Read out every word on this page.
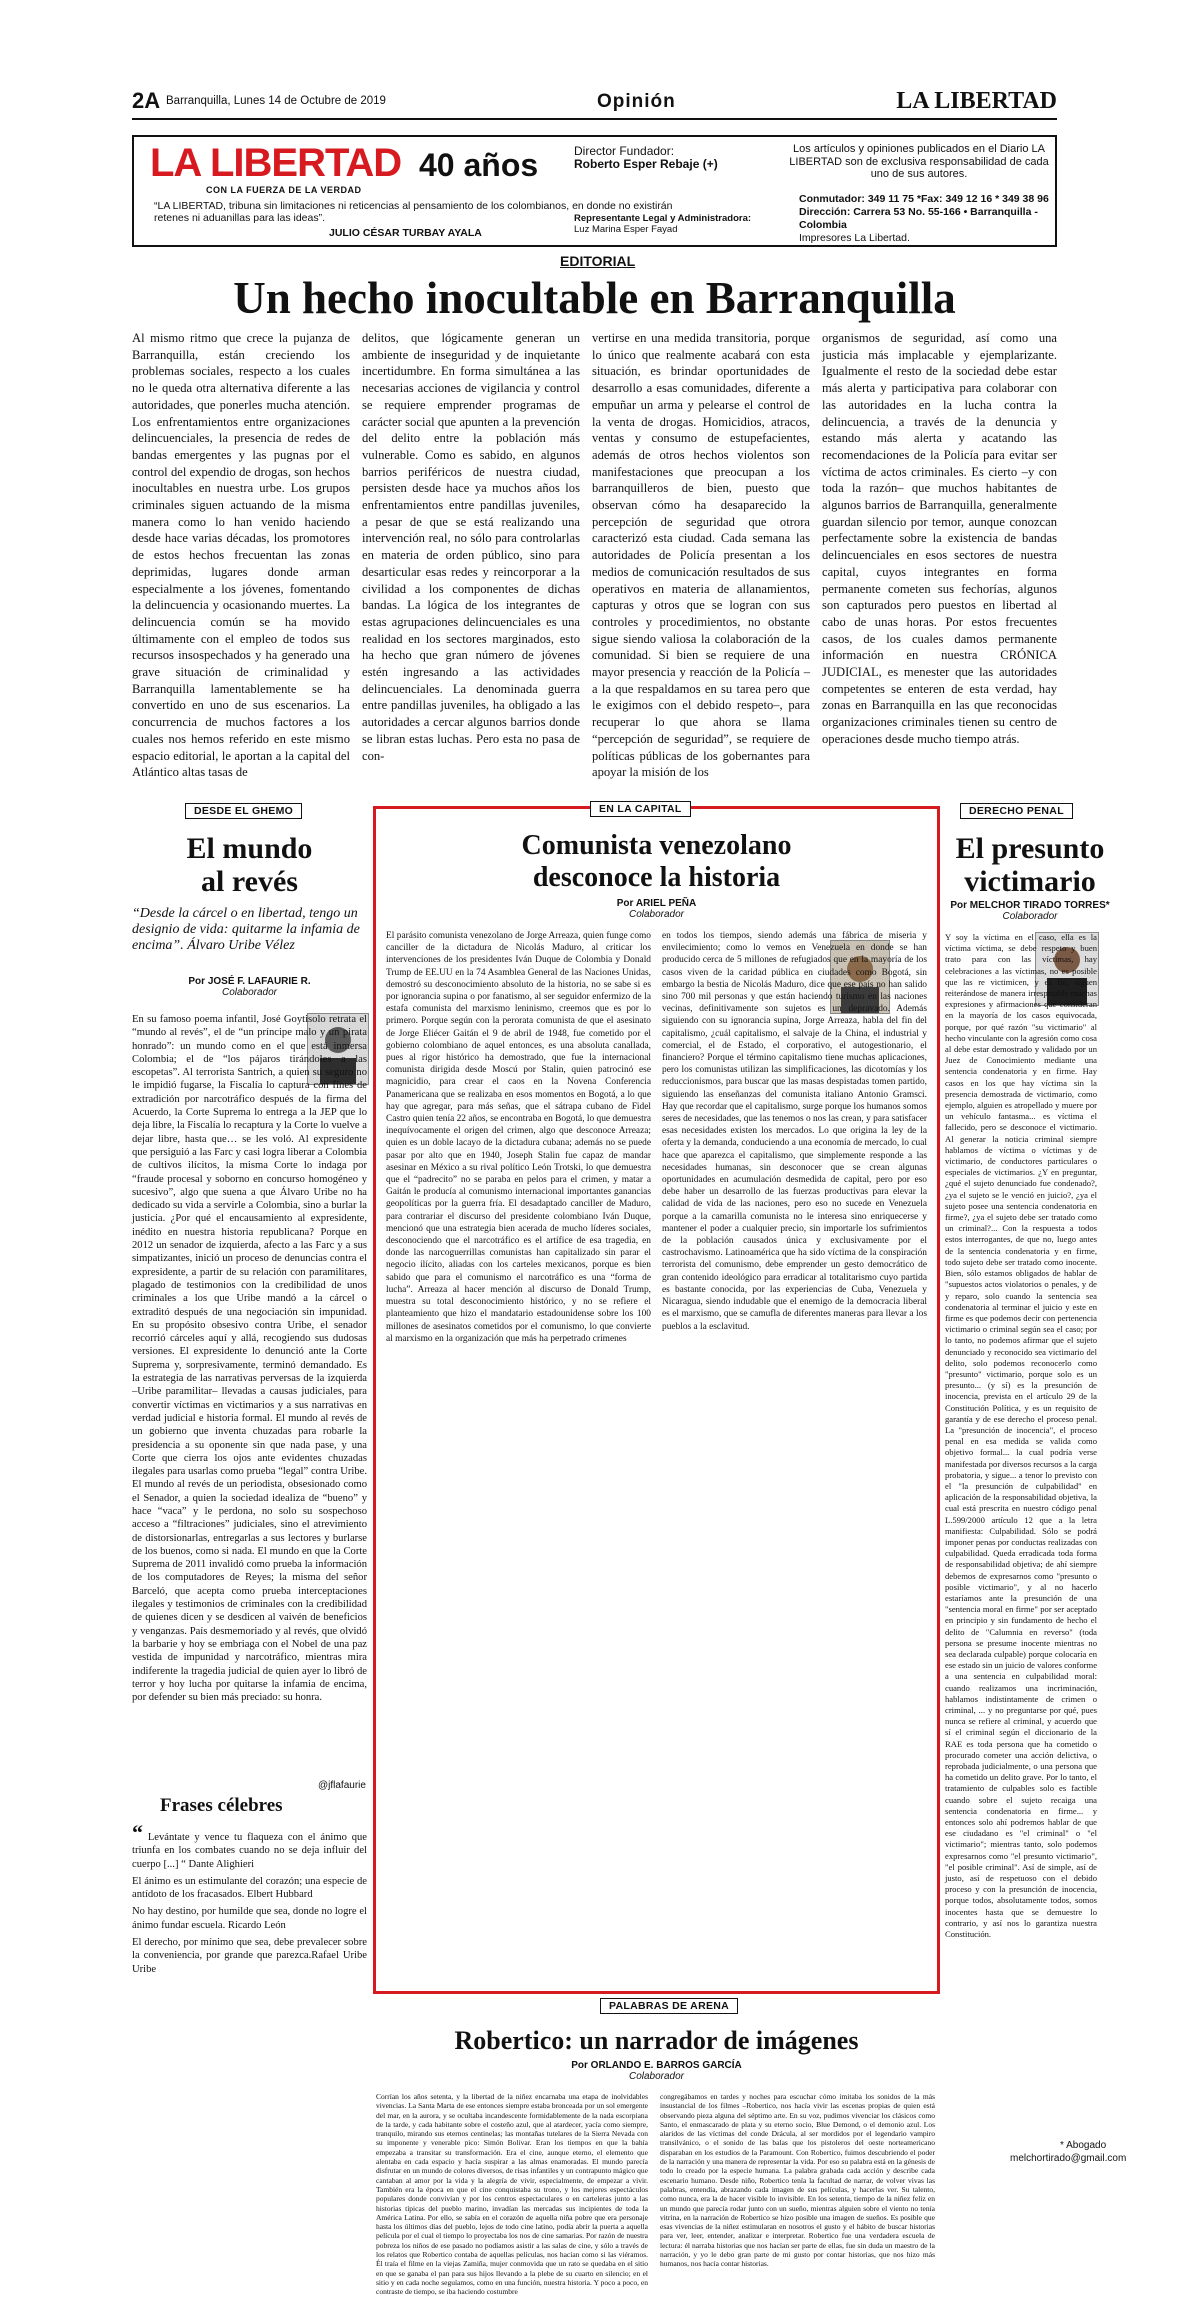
2A Barranquilla, Lunes 14 de Octubre de 2019	Opinión	LA LIBERTAD
LA LIBERTAD 40 años
CON LA FUERZA DE LA VERDAD
“LA LIBERTAD, tribuna sin limitaciones ni reticencias al pensamiento de los colombianos, en donde no existirán retenes ni aduanillas para las ideas”.
JULIO CÉSAR TURBAY AYALA
Director Fundador:
Roberto Esper Rebaje (+)
Representante Legal y Administradora:
Luz Marina Esper Fayad
Los artículos y opiniones publicados en el Diario LA LIBERTAD son de exclusiva responsabilidad de cada uno de sus autores.
Conmutador: 349 11 75 *Fax: 349 12 16 * 349 38 96
Dirección: Carrera 53 No. 55-166 • Barranquilla - Colombia
Impresores La Libertad.
EDITORIAL
Un hecho inocultable en Barranquilla
Al mismo ritmo que crece la pujanza de Barranquilla, están creciendo los problemas sociales, respecto a los cuales no le queda otra alternativa diferente a las autoridades, que ponerles mucha atención. Los enfrentamientos entre organizaciones delincuenciales, la presencia de redes de bandas emergentes y las pugnas por el control del expendio de drogas, son hechos inocultables en nuestra urbe. Los grupos criminales siguen actuando de la misma manera como lo han venido haciendo desde hace varias décadas, los promotores de estos hechos frecuentan las zonas deprimidas, lugares donde arman especialmente a los jóvenes, fomentando la delincuencia y ocasionando muertes. La delincuencia común se ha movido últimamente con el empleo de todos sus recursos insospechados y ha generado una grave situación de criminalidad y Barranquilla lamentablemente se ha convertido en uno de sus escenarios. La concurrencia de muchos factores a los cuales nos hemos referido en este mismo espacio editorial, le aportan a la capital del Atlántico altas tasas de
delitos, que lógicamente generan un ambiente de inseguridad y de inquietante incertidumbre. En forma simultánea a las necesarias acciones de vigilancia y control se requiere emprender programas de carácter social que apunten a la prevención del delito entre la población más vulnerable. Como es sabido, en algunos barrios periféricos de nuestra ciudad, persisten desde hace ya muchos años los enfrentamientos entre pandillas juveniles, a pesar de que se está realizando una intervención real, no sólo para controlarlas en materia de orden público, sino para desarticular esas redes y reincorporar a la civilidad a los componentes de dichas bandas. La lógica de los integrantes de estas agrupaciones delincuenciales es una realidad en los sectores marginados, esto ha hecho que gran número de jóvenes estén ingresando a las actividades delincuenciales. La denominada guerra entre pandillas juveniles, ha obligado a las autoridades a cercar algunos barrios donde se libran estas luchas. Pero esta no pasa de con-
vertirse en una medida transitoria, porque lo único que realmente acabará con esta situación, es brindar oportunidades de desarrollo a esas comunidades, diferente a empuñar un arma y pelearse el control de la venta de drogas. Homicidios, atracos, ventas y consumo de estupefacientes, además de otros hechos violentos son manifestaciones que preocupan a los barranquilleros de bien, puesto que observan cómo ha desaparecido la percepción de seguridad que otrora caracterizó esta ciudad. Cada semana las autoridades de Policía presentan a los medios de comunicación resultados de sus operativos en materia de allanamientos, capturas y otros que se logran con sus controles y procedimientos, no obstante sigue siendo valiosa la colaboración de la comunidad. Si bien se requiere de una mayor presencia y reacción de la Policía –a la que respaldamos en su tarea pero que le exigimos con el debido respeto–, para recuperar lo que ahora se llama “percepción de seguridad”, se requiere de políticas públicas de los gobernantes para apoyar la misión de los
organismos de seguridad, así como una justicia más implacable y ejemplarizante. Igualmente el resto de la sociedad debe estar más alerta y participativa para colaborar con las autoridades en la lucha contra la delincuencia, a través de la denuncia y estando más alerta y acatando las recomendaciones de la Policía para evitar ser víctima de actos criminales. Es cierto –y con toda la razón– que muchos habitantes de algunos barrios de Barranquilla, generalmente guardan silencio por temor, aunque conozcan perfectamente sobre la existencia de bandas delincuenciales en esos sectores de nuestra capital, cuyos integrantes en forma permanente cometen sus fechorías, algunos son capturados pero puestos en libertad al cabo de unas horas. Por estos frecuentes casos, de los cuales damos permanente información en nuestra CRÓNICA JUDICIAL, es menester que las autoridades competentes se enteren de esta verdad, hay zonas en Barranquilla en las que reconocidas organizaciones criminales tienen su centro de operaciones desde mucho tiempo atrás.
DESDE EL GHEMO
El mundo
al revés
“Desde la cárcel o en libertad, tengo un designio de vida: quitarme la infamia de encima”. Álvaro Uribe Vélez
Por JOSÉ F. LAFAURIE R.
Colaborador
En su famoso poema infantil, José Goytisolo retrata el “mundo al revés”, el de “un príncipe malo y un pirata honrado”: un mundo como en el que está inmersa Colombia; el de “los pájaros tirándoles a las escopetas”. Al terrorista Santrich, a quien su seguro no le impidió fugarse, la Fiscalía lo captura con fines de extradición por narcotráfico después de la firma del Acuerdo, la Corte Suprema lo entrega a la JEP que lo deja libre, la Fiscalía lo recaptura y la Corte lo vuelve a dejar libre, hasta que… se les voló. Al expresidente que persiguió a las Farc y casi logra liberar a Colombia de cultivos ilícitos, la misma Corte lo indaga por “fraude procesal y soborno en concurso homogéneo y sucesivo”, algo que suena a que Álvaro Uribe no ha dedicado su vida a servirle a Colombia, sino a burlar la justicia. ¿Por qué el encausamiento al expresidente, inédito en nuestra historia republicana? Porque en 2012 un senador de izquierda, afecto a las Farc y a sus simpatizantes, inició un proceso de denuncias contra el expresidente, a partir de su relación con paramilitares, plagado de testimonios con la credibilidad de unos criminales a los que Uribe mandó a la cárcel o extraditó después de una negociación sin impunidad. En su propósito obsesivo contra Uribe, el senador recorrió cárceles aquí y allá, recogiendo sus dudosas versiones. El expresidente lo denunció ante la Corte Suprema y, sorpresivamente, terminó demandado. Es la estrategia de las narrativas perversas de la izquierda –Uribe paramilitar– llevadas a causas judiciales, para convertir víctimas en victimarios y a sus narrativas en verdad judicial e historia formal. El mundo al revés de un gobierno que inventa chuzadas para robarle la presidencia a su oponente sin que nada pase, y una Corte que cierra los ojos ante evidentes chuzadas ilegales para usarlas como prueba “legal” contra Uribe. El mundo al revés de un periodista, obsesionado como el Senador, a quien la sociedad idealiza de “bueno” y hace “vaca” y le perdona, no solo su sospechoso acceso a “filtraciones” judiciales, sino el atrevimiento de distorsionarlas, entregarlas a sus lectores y burlarse de los buenos, como si nada. El mundo en que la Corte Suprema de 2011 invalidó como prueba la información de los computadores de Reyes; la misma del señor Barceló, que acepta como prueba interceptaciones ilegales y testimonios de criminales con la credibilidad de quienes dicen y se desdicen al vaivén de beneficios y venganzas. País desmemoriado y al revés, que olvidó la barbarie y hoy se embriaga con el Nobel de una paz vestida de impunidad y narcotráfico, mientras mira indiferente la tragedia judicial de quien ayer lo libró de terror y hoy lucha por quitarse la infamia de encima, por defender su bien más preciado: su honra.
@jflafaurie
Frases célebres

“ Levántate y vence tu flaqueza con el ánimo que triunfa en los combates cuando no se deja influir del cuerpo [...] “ Dante Alighieri

El ánimo es un estimulante del corazón; una especie de antídoto de los fracasados. Elbert Hubbard

No hay destino, por humilde que sea, donde no logre el ánimo fundar escuela. Ricardo León

El derecho, por mínimo que sea, debe prevalecer sobre la conveniencia, por grande que parezca.Rafael Uribe Uribe

EN LA CAPITAL
Comunista venezolano
desconoce la historia
Por ARIEL PEÑA
Colaborador
El parásito comunista venezolano de Jorge Arreaza, quien funge como canciller de la dictadura de Nicolás Maduro, al criticar los intervenciones de los presidentes Iván Duque de Colombia y Donald Trump de EE.UU en la 74 Asamblea General de las Naciones Unidas, demostró su desconocimiento absoluto de la historia, no se sabe si es por ignorancia supina o por fanatismo, al ser seguidor enfermizo de la estafa comunista del marxismo leninismo, creemos que es por lo primero. Porque según con la perorata comunista de que el asesinato de Jorge Eliécer Gaitán el 9 de abril de 1948, fue cometido por el gobierno colombiano de aquel entonces, es una absoluta canallada, pues al rigor histórico ha demostrado, que fue la internacional comunista dirigida desde Moscú por Stalin, quien patrocinó ese magnicidio, para crear el caos en la Novena Conferencia Panamericana que se realizaba en esos momentos en Bogotá, a lo que hay que agregar, para más señas, que el sátrapa cubano de Fidel Castro quien tenía 22 años, se encontraba en Bogotá, lo que demuestra inequívocamente el origen del crimen, algo que desconoce Arreaza; quien es un doble lacayo de la dictadura cubana; además no se puede pasar por alto que en 1940, Joseph Stalin fue capaz de mandar asesinar en México a su rival político León Trotski, lo que demuestra que el “padrecito” no se paraba en pelos para el crimen, y matar a Gaitán le producía al comunismo internacional importantes ganancias geopolíticas por la guerra fría. El desadaptado canciller de Maduro, para contrariar el discurso del presidente colombiano Iván Duque, mencionó que una estrategia bien acerada de mucho líderes sociales, desconociendo que el narcotráfico es el artífice de esa tragedia, en donde las narcoguerrillas comunistas han capitalizado sin parar el negocio ilícito, aliadas con los carteles mexicanos, porque es bien sabido que para el comunismo el narcotráfico es una “forma de lucha”. Arreaza al hacer mención al discurso de Donald Trump, muestra su total desconocimiento histórico, y no se refiere el planteamiento que hizo el mandatario estadounidense sobre los 100 millones de asesinatos cometidos por el comunismo, lo que convierte al marxismo en la organización que más ha perpetrado crímenes
en todos los tiempos, siendo además una fábrica de miseria y envilecimiento; como lo vemos en Venezuela en donde se han producido cerca de 5 millones de refugiados que en la mayoría de los casos viven de la caridad pública en ciudades como Bogotá, sin embargo la bestia de Nicolás Maduro, dice que ese país no han salido sino 700 mil personas y que están haciendo turismo en las naciones vecinas, definitivamente son sujetos es un depravado. Además siguiendo con su ignorancia supina, Jorge Arreaza, habla del fin del capitalismo, ¿cuál capitalismo, el salvaje de la China, el industrial y comercial, el de Estado, el corporativo, el autogestionario, el financiero? Porque el término capitalismo tiene muchas aplicaciones, pero los comunistas utilizan las simplificaciones, las dicotomías y los reduccionismos, para buscar que las masas despistadas tomen partido, siguiendo las enseñanzas del comunista italiano Antonio Gramsci. Hay que recordar que el capitalismo, surge porque los humanos somos seres de necesidades, que las tenemos o nos las crean, y para satisfacer esas necesidades existen los mercados. Lo que origina la ley de la oferta y la demanda, conduciendo a una economía de mercado, lo cual hace que aparezca el capitalismo, que simplemente responde a las necesidades humanas, sin desconocer que se crean algunas oportunidades en acumulación desmedida de capital, pero por eso debe haber un desarrollo de las fuerzas productivas para elevar la calidad de vida de las naciones, pero eso no sucede en Venezuela porque a la camarilla comunista no le interesa sino enriquecerse y mantener el poder a cualquier precio, sin importarle los sufrimientos de la población causados única y exclusivamente por el castrochavismo. Latinoamérica que ha sido víctima de la conspiración terrorista del comunismo, debe emprender un gesto democrático de gran contenido ideológico para erradicar al totalitarismo cuyo partida es bastante conocida, por las experiencias de Cuba, Venezuela y Nicaragua, siendo indudable que el enemigo de la democracia liberal es el marxismo, que se camufla de diferentes maneras para llevar a los pueblos a la esclavitud.
PALABRAS DE ARENA
Robertico: un narrador de imágenes
Por ORLANDO E. BARROS GARCÍA
Colaborador
Corrían los años setenta, y la libertad de la niñez encarnaba una etapa de inolvidables vivencias. La Santa Marta de ese entonces siempre estaba bronceada por un sol emergente del mar, en la aurora, y se ocultaba incandescente formidablemente de la nada escorpiana de la tarde, y cada habitante sobre el costeño azul, que al atardecer, yacía como siempre, tranquilo, mirando sus eternos centinelas; las montañas tutelares de la Sierra Nevada con su imponente y venerable pico: Simón Bolívar. Eran los tiempos en que la bahía empezaba a transitar su transformación. Era el cine, aunque eterno, el elemento que alentaba en cada espacio y hacía suspirar a las almas enamoradas. El mundo parecía disfrutar en un mundo de colores diversos, de risas infantiles y un contrapunto mágico que cantaban al amor por la vida y la alegría de vivir, especialmente, de empezar a vivir. También era la época en que el cine conquistaba su trono, y los mejores espectáculos populares donde convivían y por los centros espectaculares o en carteleras junto a las historias típicas del pueblo marino, invadían las mercadas sus incipientes de toda la América Latina. Por ello, se sabía en el corazón de aquella niña pobre que era personaje hasta los últimos días del pueblo, lejos de todo cine latino, podía abrir la puerta a aquella película por el cual el tiempo lo proyectaba los nos de cine samarias. Por razón de nuestra pobreza los niños de ese pasado no podíamos asistir a las salas de cine, y sólo a través de los relatos que Robertico contaba de aquellas películas, nos hacían como si las viéramos. Él traía el filme en la viejas Zamiña, mujer conmovida que un rato se quedaba en el sitio en que se ganaba el pan para sus hijos llevando a la plebe de su cuarto en silencio; en el sitio y en cada noche seguíamos, como en una función, nuestra historia. Y poco a poco, en contraste de tiempo, se iba haciendo costumbre
congregábamos en tardes y noches para escuchar cómo imitaba los sonidos de la más insustancial de los filmes –Robertico, nos hacía vivir las escenas propias de quien está observando pieza alguna del séptimo arte. En su voz, pudimos vivenciar los clásicos como Santo, el enmascarado de plata y su eterno socio, Blue Demond, o el demonio azul. Los alaridos de las víctimas del conde Drácula, al ser mordidos por el legendario vampiro transilvánico, o el sonido de las balas que los pistoleros del oeste norteamericano disparaban en los estudios de la Paramount. Con Robertico, fuimos descubriendo el poder de la narración y una manera de representar la vida. Por eso su palabra está en la génesis de todo lo creado por la especie humana. La palabra grabada cada acción y describe cada escenario humano. Desde niño, Robertico tenía la facultad de narrar, de volver vivas las palabras, entendía, abrazando cada imagen de sus películas, y hacerlas ver. Su talento, como nunca, era la de hacer visible lo invisible. En los setenta, tiempo de la niñez feliz en un mundo que parecía rodar junto con un sueño, mientras alguien sobre el viento no tenía vitrina, en la narración de Robertico se hizo posible una imagen de sueños. Es posible que esas vivencias de la niñez estimularan en nosotros el gusto y el hábito de buscar historias para ver, leer, entender, analizar e interpretar. Robertico fue una verdadera escuela de lectura: él narraba historias que nos hacían ser parte de ellas, fue sin duda un maestro de la narración, y yo le debo gran parte de mi gusto por contar historias, que nos hizo más humanos, nos hacía contar historias.
DERECHO PENAL
El presunto
victimario
Por MELCHOR TIRADO TORRES*
Colaborador
Y soy la víctima en el caso, ella es la víctima víctima, se debe respeto y buen trato para con las víctimas, hay celebraciones a las víctimas, no es posible que las re victimicen, y es fin, siguen reiterándose de manera irrespetable muchas expresiones y afirmaciones que consideran en la mayoría de los casos equivocada, porque, por qué razón "su victimario" al hecho vinculante con la agresión como cosa al debe estar demostrado y validado por un Juez de Conocimiento mediante una sentencia condenatoria y en firme. Hay casos en los que hay víctima sin la presencia demostrada de victimario, como ejemplo, alguien es atropellado y muere por un vehículo fantasma... es víctima el fallecido, pero se desconoce el victimario. Al generar la noticia criminal siempre hablamos de víctima o víctimas y de victimario, de conductores particulares o especiales de victimarios. ¿Y en preguntar, ¿qué el sujeto denunciado fue condenado?, ¿ya el sujeto se le venció en juicio?, ¿ya el sujeto posee una sentencia condenatoria en firme?, ¿ya el sujeto debe ser tratado como un criminal?... Con la respuesta a todos estos interrogantes, de que no, luego antes de la sentencia condenatoria y en firme, todo sujeto debe ser tratado como inocente. Bien, sólo estamos obligados de hablar de "supuestos actos violatorios o penales, y de y reparo, solo cuando la sentencia sea condenatoria al terminar el juicio y este en firme es que podemos decir con pertenencia victimario o criminal según sea el caso; por lo tanto, no podemos afirmar que el sujeto denunciado y reconocido sea victimario del delito, solo podemos reconocerlo como "presunto" victimario, porque solo es un presunto... (y sí) es la presunción de inocencia, prevista en el artículo 29 de la Constitución Política, y es un requisito de garantía y de ese derecho el proceso penal. La "presunción de inocencia", el proceso penal en esa medida se valida como objetivo formal... la cual podría verse manifestada por diversos recursos a la carga probatoria, y sigue... a tenor lo previsto con el "la presunción de culpabilidad" en aplicación de la responsabilidad objetiva, la cual está prescrita en nuestro código penal L.599/2000 artículo 12 que a la letra manifiesta: Culpabilidad. Sólo se podrá imponer penas por conductas realizadas con culpabilidad. Queda erradicada toda forma de responsabilidad objetiva; de ahí siempre debemos de expresarnos como "presunto o posible victimario", y al no hacerlo estaríamos ante la presunción de una "sentencia moral en firme" por ser aceptado en principio y sin fundamento de hecho el delito de "Calumnia en reverso" (toda persona se presume inocente mientras no sea declarada culpable) porque colocaría en ese estado sin un juicio de valores conforme a una sentencia en culpabilidad moral: cuando realizamos una incriminación, hablamos indistintamente de crimen o criminal, ... y no preguntarse por qué, pues nunca se refiere al criminal, y acuerdo que sí el criminal según el diccionario de la RAE es toda persona que ha cometido o procurado cometer una acción delictiva, o reprobada judicialmente, o una persona que ha cometido un delito grave. Por lo tanto, el tratamiento de culpables solo es factible cuando sobre el sujeto recaiga una sentencia condenatoria en firme... y entonces solo ahí podremos hablar de que ese ciudadano es "el criminal" o "el victimario"; mientras tanto, solo podemos expresarnos como "el presunto victimario", "el posible criminal". Así de simple, así de justo, así de respetuoso con el debido proceso y con la presunción de inocencia, porque todos, absolutamente todos, somos inocentes hasta que se demuestre lo contrario, y así nos lo garantiza nuestra Constitución.
* Abogado
melchortirado@gmail.com
